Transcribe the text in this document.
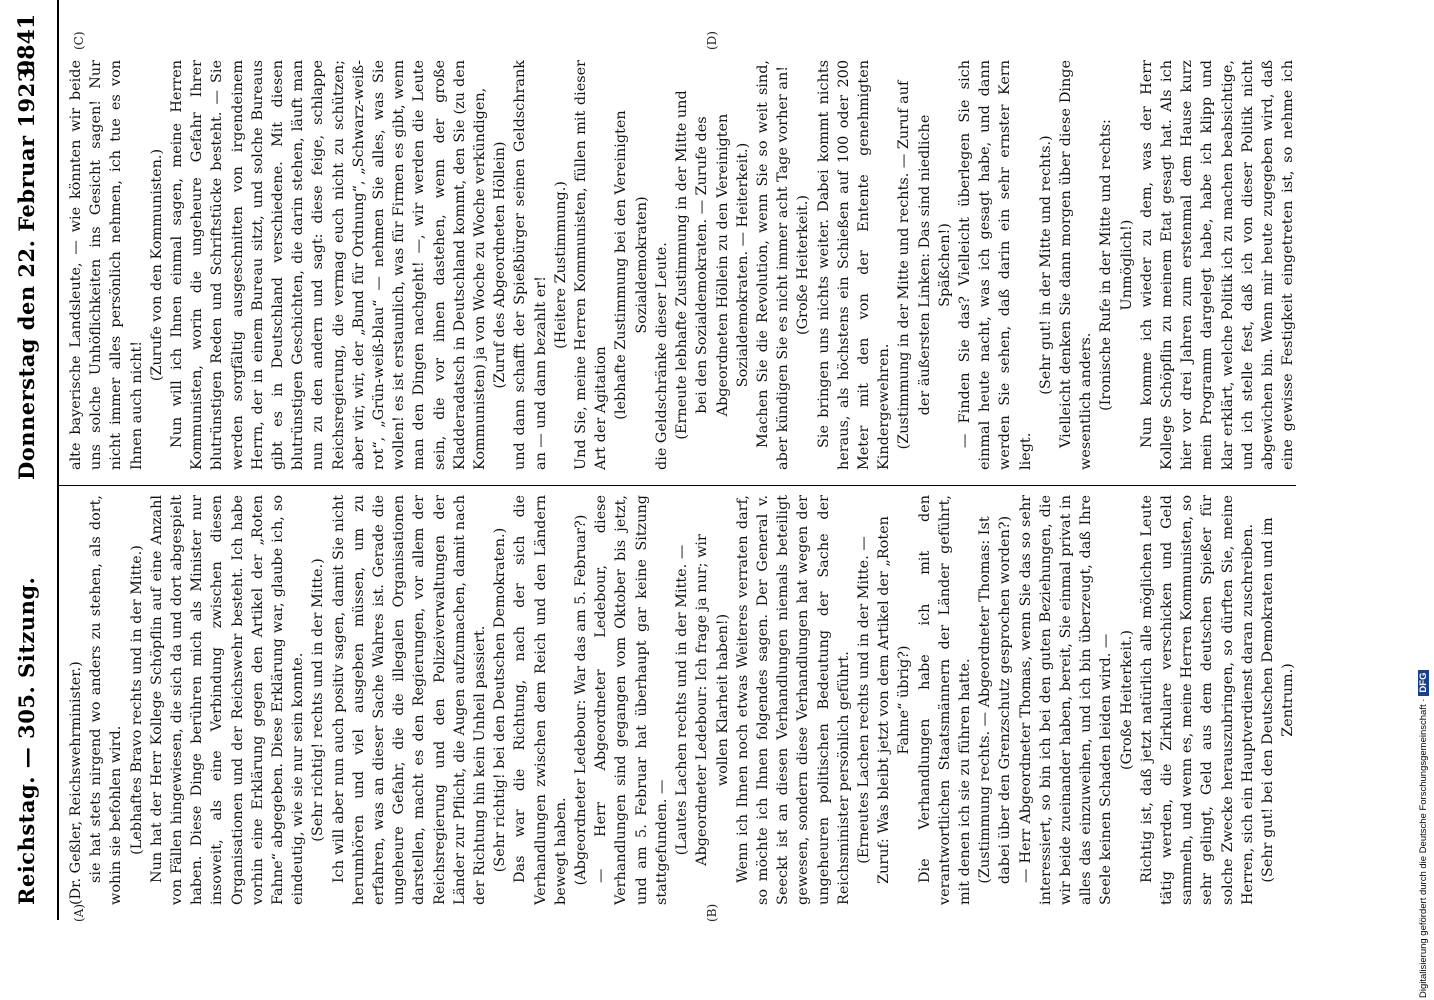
Reichstag. — 305. Sitzung.
Donnerstag den 22. Februar 1923.
9841
(A)	(B)
(C)	(D)

(Dr. Geßler, Reichswehrminister.) sie hat stets nirgend wo anders zu stehen, als dort, wohin sie befohlen wird. (Lebhaftes Bravo rechts und in der Mitte.) Nun hat der Herr Kollege Schöpflin auf eine Anzahl von Fällen hingewiesen, die sich da und dort abgespielt haben. Diese Dinge berühren mich als Minister nur insoweit, als eine Verbindung zwischen diesen Organisationen und der Reichswehr besteht. Ich habe vorhin eine Erklärung gegen den Artikel der „Roten Fahne“ abgegeben. Diese Erklärung war, glaube ich, so eindeutig, wie sie nur sein konnte. (Sehr richtig! rechts und in der Mitte.) Ich will aber nun auch positiv sagen, damit Sie nicht herumhören und viel ausgeben müssen, um zu erfahren, was an dieser Sache Wahres ist. Gerade die ungeheure Gefahr, die die illegalen Organisationen darstellen, macht es den Regierungen, vor allem der Reichsregierung und den Polizeiverwaltungen der Länder zur Pflicht, die Augen aufzumachen, damit nach der Richtung hin kein Unheil passiert. (Sehr richtig! bei den Deutschen Demokraten.) Das war die Richtung, nach der sich die Verhandlungen zwischen dem Reich und den Ländern bewegt haben. (Abgeordneter Ledebour: War das am 5. Februar?) — Herr Abgeordneter Ledebour, diese Verhandlungen sind gegangen vom Oktober bis jetzt, und am 5. Februar hat überhaupt gar keine Sitzung stattgefunden. — (Lautes Lachen rechts und in der Mitte. — Abgeordneter Ledebour: Ich frage ja nur; wir wollen Klarheit haben!) Wenn ich Ihnen noch etwas Weiteres verraten darf, so möchte ich Ihnen folgendes sagen. Der General v. Seeckt ist an diesen Verhandlungen niemals beteiligt gewesen, sondern diese Verhandlungen hat wegen der ungeheuren politischen Bedeutung der Sache der Reichsminister persönlich geführt. (Erneutes Lachen rechts und in der Mitte. — Zuruf: Was bleibt jetzt von dem Artikel der „Roten Fahne“ übrig?) Die Verhandlungen habe ich mit den verantwortlichen Staatsmännern der Länder geführt, mit denen ich sie zu führen hatte. (Zustimmung rechts. — Abgeordneter Thomas: Ist dabei über den Grenzschutz gesprochen worden?) — Herr Abgeordneter Thomas, wenn Sie das so sehr interessiert, so bin ich bei den guten Beziehungen, die wir beide zueinander haben, bereit, Sie einmal privat in alles das einzuweihen, und ich bin überzeugt, daß Ihre Seele keinen Schaden leiden wird. — (Große Heiterkeit.) Richtig ist, daß jetzt natürlich alle möglichen Leute tätig werden, die Zirkulare verschicken und Geld sammeln, und wenn es, meine Herren Kommunisten, so sehr gelingt, Geld aus dem deutschen Spießer für solche Zwecke herauszubringen, so dürften Sie, meine Herren, sich ein Hauptverdienst daran zuschreiben. (Sehr gut! bei den Deutschen Demokraten und im Zentrum.)

alte bayerische Landsleute, — wie könnten wir beide uns solche Unhöflichkeiten ins Gesicht sagen! Nur nicht immer alles persönlich nehmen, ich tue es von Ihnen auch nicht!

(Zurufe von den Kommunisten.) Nun will ich Ihnen einmal sagen, meine Herren Kommunisten, worin die ungeheure Gefahr Ihrer blutrünstigen Reden und Schriftstücke besteht. — Sie werden sorgfältig ausgeschnitten von irgendeinem Herrn, der in einem Bureau sitzt, und solche Bureaus gibt es in Deutschland verschiedene. Mit diesen blutrünstigen Geschichten, die darin stehen, läuft man nun zu den andern und sagt: diese feige, schlappe Reichsregierung, die vermag euch nicht zu schützen; aber wir, wir, der „Bund für Ordnung“, „Schwarz-weiß-rot“, „Grün-weiß-blau“ — nehmen Sie alles, was Sie wollen! es ist erstaunlich, was für Firmen es gibt, wenn man den Dingen nachgeht! —, wir werden die Leute sein, die vor ihnen dastehen, wenn der große Kladderadatsch in Deutschland kommt, den Sie (zu den Kommunisten) ja von Woche zu Woche verkündigen, (Zuruf des Abgeordneten Höllein) und dann schafft der Spießbürger seinen Geldschrank an — und dann bezahlt er!

(Heitere Zustimmung.) Und Sie, meine Herren Kommunisten, füllen mit dieser Art der Agitation (lebhafte Zustimmung bei den Vereinigten Sozialdemokraten) die Geldschränke dieser Leute. (Erneute lebhafte Zustimmung in der Mitte und bei den Sozialdemokraten. — Zurufe des Abgeordneten Höllein zu den Vereinigten Sozialdemokraten. — Heiterkeit.) Machen Sie die Revolution, wenn Sie so weit sind, aber kündigen Sie es nicht immer acht Tage vorher an! (Große Heiterkeit.) Sie bringen uns nichts weiter. Dabei kommt nichts heraus, als höchstens ein Schießen auf 100 oder 200 Meter mit den von der Entente genehmigten Kindergewehren. (Zustimmung in der Mitte und rechts. — Zuruf auf der äußersten Linken: Das sind niedliche Späßchen!) — Finden Sie das? Vielleicht überlegen Sie sich einmal heute nacht, was ich gesagt habe, und dann werden Sie sehen, daß darin ein sehr ernster Kern liegt.

(Sehr gut! in der Mitte und rechts.) Vielleicht denken Sie dann morgen über diese Dinge wesentlich anders. (Ironische Rufe in der Mitte und rechts: Unmöglich!)

Nun komme ich wieder zu dem, was der Herr Kollege Schöpflin zu meinem Etat gesagt hat. Als ich hier vor drei Jahren zum erstenmal dem Hause kurz mein Programm dargelegt habe, habe ich klipp und klar erklärt, welche Politik ich zu machen beabsichtige, und ich stelle fest, daß ich von dieser Politik nicht abgewichen bin. Wenn mir heute zugegeben wird, daß eine gewisse Festigkeit eingetreten ist, so nehme ich

Digitalisierung gefördert durch die Deutsche Forschungsgemeinschaft ·DFG
